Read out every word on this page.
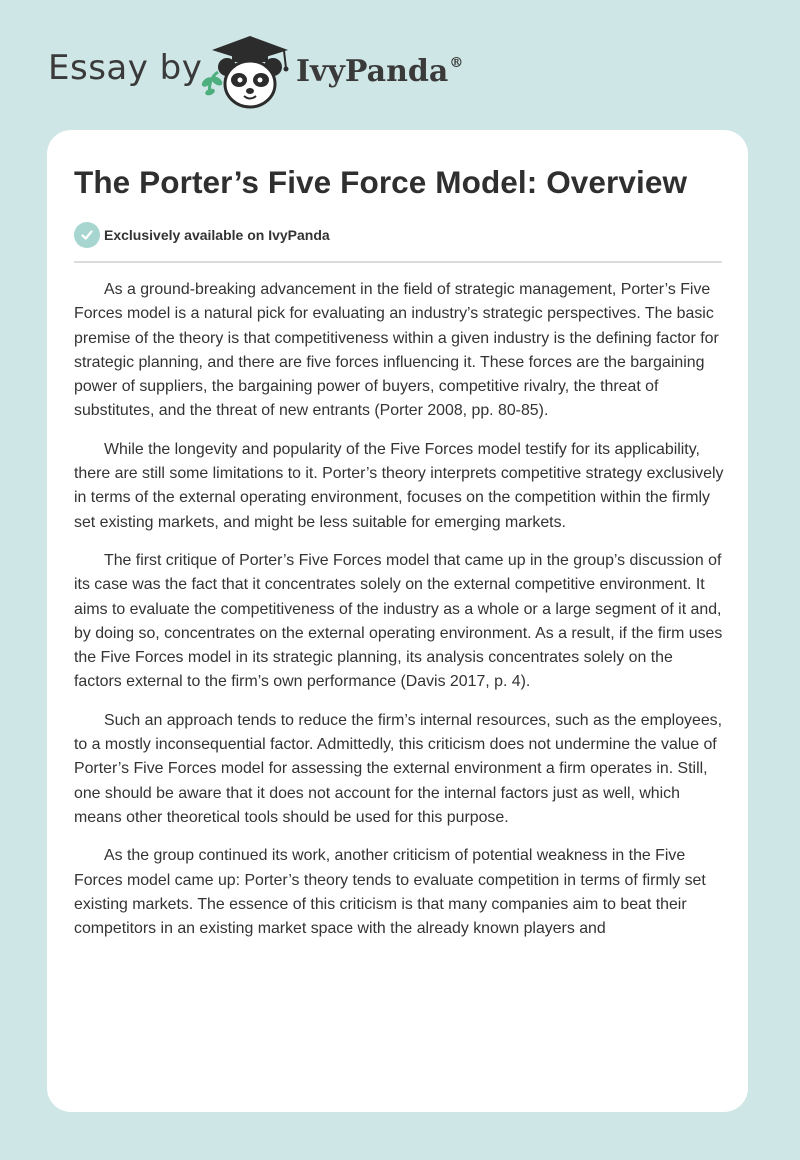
Essay by	IvyPanda®
The Porter’s Five Force Model: Overview
Exclusively available on IvyPanda

As a ground-breaking advancement in the field of strategic management, Porter’s Five Forces model is a natural pick for evaluating an industry’s strategic perspectives. The basic premise of the theory is that competitiveness within a given industry is the defining factor for strategic planning, and there are five forces influencing it. These forces are the bargaining power of suppliers, the bargaining power of buyers, competitive rivalry, the threat of substitutes, and the threat of new entrants (Porter 2008, pp. 80-85).

While the longevity and popularity of the Five Forces model testify for its applicability, there are still some limitations to it. Porter’s theory interprets competitive strategy exclusively in terms of the external operating environment, focuses on the competition within the firmly set existing markets, and might be less suitable for emerging markets.

The first critique of Porter’s Five Forces model that came up in the group’s discussion of its case was the fact that it concentrates solely on the external competitive environment. It aims to evaluate the competitiveness of the industry as a whole or a large segment of it and, by doing so, concentrates on the external operating environment. As a result, if the firm uses the Five Forces model in its strategic planning, its analysis concentrates solely on the factors external to the firm’s own performance (Davis 2017, p. 4).

Such an approach tends to reduce the firm’s internal resources, such as the employees, to a mostly inconsequential factor. Admittedly, this criticism does not undermine the value of Porter’s Five Forces model for assessing the external environment a firm operates in. Still, one should be aware that it does not account for the internal factors just as well, which means other theoretical tools should be used for this purpose.

As the group continued its work, another criticism of potential weakness in the Five Forces model came up: Porter’s theory tends to evaluate competition in terms of firmly set existing markets. The essence of this criticism is that many companies aim to beat their competitors in an existing market space with the already known players and
